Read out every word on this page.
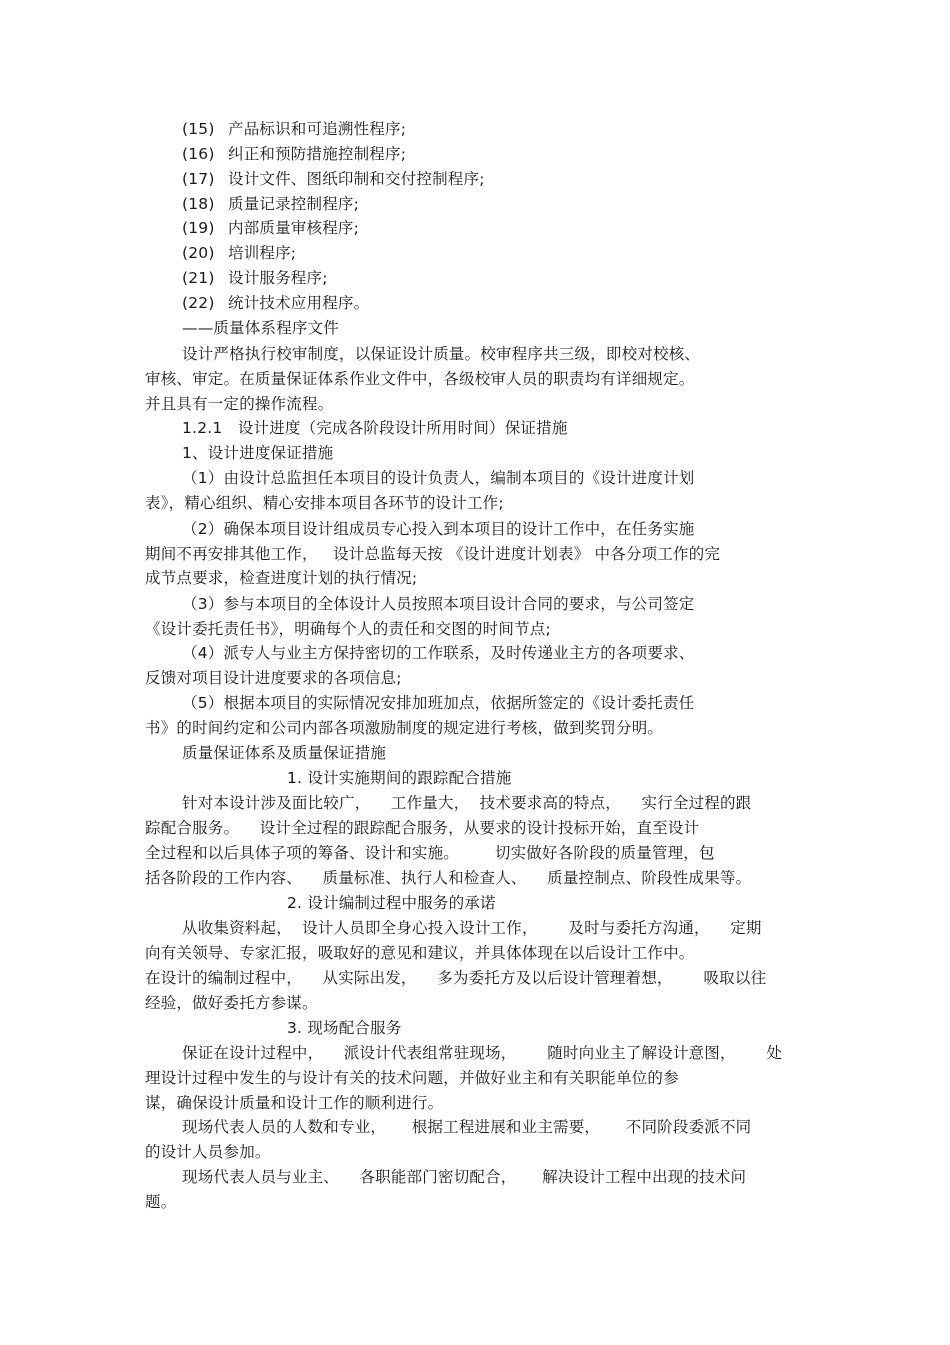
(15) 产品标识和可追溯性程序;
(16) 纠正和预防措施控制程序;
(17) 设计文件、图纸印制和交付控制程序;
(18) 质量记录控制程序;
(19) 内部质量审核程序;
(20) 培训程序;
(21) 设计服务程序;
(22) 统计技术应用程序。
——质量体系程序文件
设计严格执行校审制度，以保证设计质量。校审程序共三级，即校对校核、
审核、审定。在质量保证体系作业文件中，各级校审人员的职责均有详细规定。
并且具有一定的操作流程。
1.2.1   设计进度（完成各阶段设计所用时间）保证措施
1、设计进度保证措施
（1）由设计总监担任本项目的设计负责人，编制本项目的《设计进度计划
表》，精心组织、精心安排本项目各环节的设计工作;
（2）确保本项目设计组成员专心投入到本项目的设计工作中，在任务实施
期间不再安排其他工作，   设计总监每天按 《设计进度计划表》 中各分项工作的完
成节点要求，检查进度计划的执行情况;
（3）参与本项目的全体设计人员按照本项目设计合同的要求，与公司签定
《设计委托责任书》，明确每个人的责任和交图的时间节点;
（4）派专人与业主方保持密切的工作联系，及时传递业主方的各项要求、
反馈对项目设计进度要求的各项信息;
（5）根据本项目的实际情况安排加班加点，依据所签定的《设计委托责任
书》的时间约定和公司内部各项激励制度的规定进行考核，做到奖罚分明。
质量保证体系及质量保证措施
1. 设计实施期间的跟踪配合措施
针对本设计涉及面比较广，    工作量大，  技术要求高的特点，    实行全过程的跟
踪配合服务。    设计全过程的跟踪配合服务，从要求的设计投标开始，直至设计
全过程和以后具体子项的筹备、设计和实施。       切实做好各阶段的质量管理，包
括各阶段的工作内容、    质量标准、执行人和检查人、    质量控制点、阶段性成果等。
2. 设计编制过程中服务的承诺
从收集资料起，  设计人员即全身心投入设计工作，      及时与委托方沟通，    定期
向有关领导、专家汇报，吸取好的意见和建议，并具体体现在以后设计工作中。
在设计的编制过程中，    从实际出发，    多为委托方及以后设计管理着想，      吸取以往
经验，做好委托方参谋。
3. 现场配合服务
保证在设计过程中，    派设计代表组常驻现场，      随时向业主了解设计意图，      处
理设计过程中发生的与设计有关的技术问题，并做好业主和有关职能单位的参
谋，确保设计质量和设计工作的顺利进行。
现场代表人员的人数和专业，     根据工程进展和业主需要，     不同阶段委派不同
的设计人员参加。
现场代表人员与业主、    各职能部门密切配合，     解决设计工程中出现的技术问
题。
